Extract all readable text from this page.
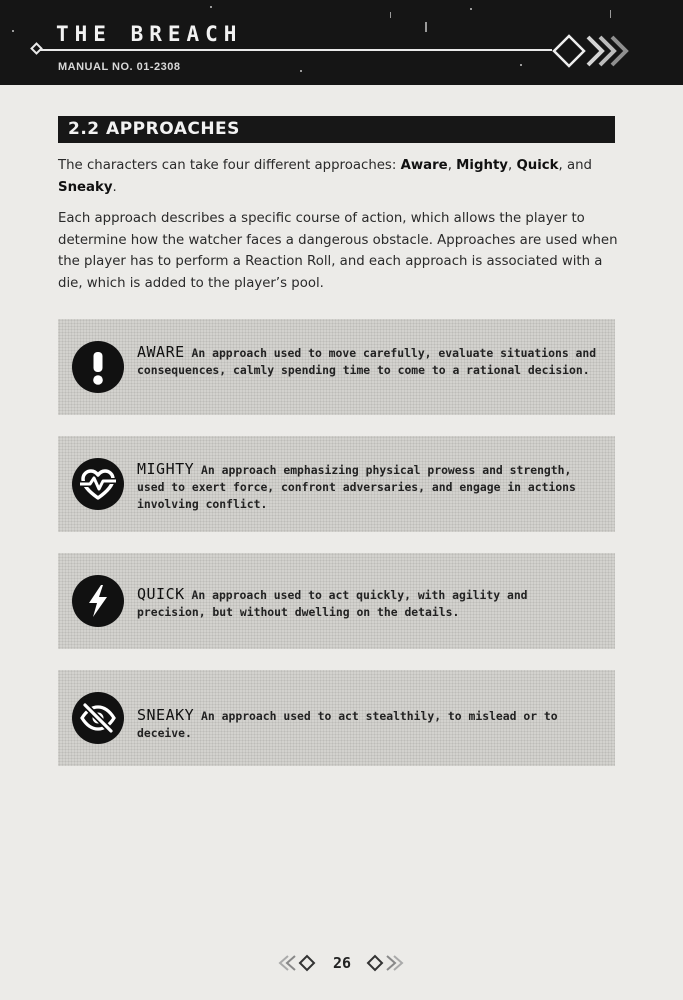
THE BREACH
MANUAL NO. 01-2308
2.2 APPROACHES

The characters can take four different approaches: Aware, Mighty, Quick, and Sneaky.

Each approach describes a specific course of action, which allows the player to determine how the watcher faces a dangerous obstacle. Approaches are used when the player has to perform a Reaction Roll, and each approach is associated with a die, which is added to the player’s pool.

AWARE An approach used to move carefully, evaluate situations and consequences, calmly spending time to come to a rational decision.

MIGHTY An approach emphasizing physical prowess and strength, used to exert force, confront adversaries, and engage in actions involving conflict.

QUICK An approach used to act quickly, with agility and precision, but without dwelling on the details.

SNEAKY An approach used to act stealthily, to mislead or to deceive.

26
